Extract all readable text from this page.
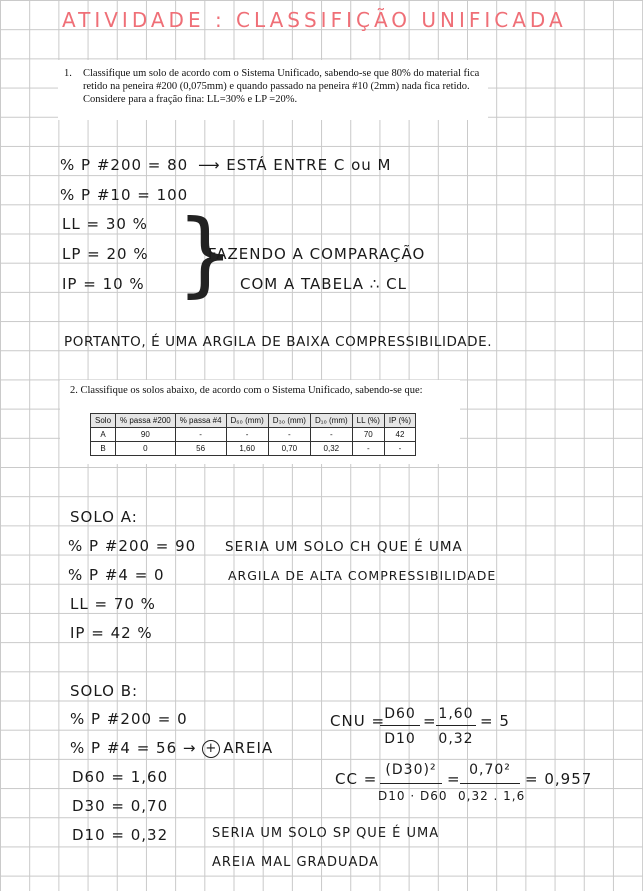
ATIVIDADE : CLASSIFIÇÃO UNIFICADA
1. Classifique um solo de acordo com o Sistema Unificado, sabendo-se que 80% do material fica retido na peneira #200 (0,075mm) e quando passado na peneira #10 (2mm) nada fica retido. Considere para a fração fina: LL=30% e LP =20%.
% P #200 = 80 ⟶ ESTÁ ENTRE C ou M
% P #10 = 100
LL = 30 %
LP = 20 %
IP = 10 % }
FAZENDO A COMPARAÇÃO
COM A TABELA ∴ CL
PORTANTO, É UMA ARGILA DE BAIXA COMPRESSIBILIDADE.
2. Classifique os solos abaixo, de acordo com o Sistema Unificado, sabendo-se que:
Solo	% passa #200	% passa #4	D₆₀ (mm)	D₃₀ (mm)	D₁₀ (mm)	LL (%)	IP (%)
A	90	-	-	-	-	70	42
B	0	56	1,60	0,70	0,32	-	-
SOLO A:
% P #200 = 90
% P #4 = 0
LL = 70 %
IP = 42 %
SERIA UM SOLO CH QUE É UMA
ARGILA DE ALTA COMPRESSIBILIDADE
SOLO B:
% P #200 = 0
% P #4 = 56 → + AREIA
D60 = 1,60
D30 = 0,70
D10 = 0,32
CNU = D60
D10
= 1,60
0,32
= 5
CC = (D30)²
D10 · D60
= 0,70²
0,32 . 1,6
= 0,957
SERIA UM SOLO SP QUE É UMA
AREIA MAL GRADUADA
